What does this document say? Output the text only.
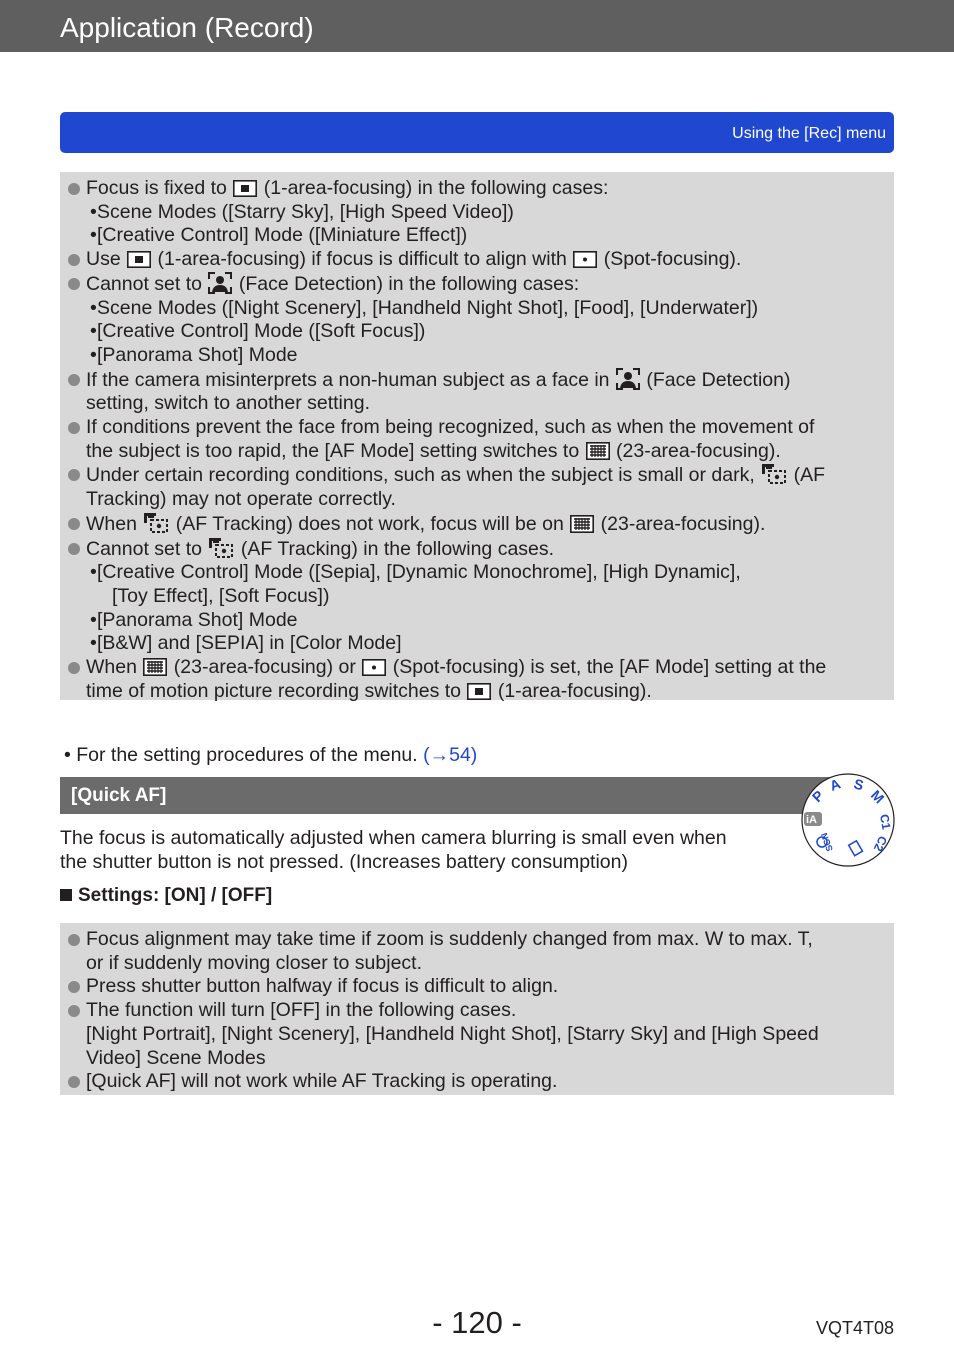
Application (Record)
Using the [Rec] menu
Focus is fixed to (1-area-focusing) in the following cases:
• Scene Modes ([Starry Sky], [High Speed Video])
• [Creative Control] Mode ([Miniature Effect])
Use (1-area-focusing) if focus is difficult to align with (Spot-focusing).
Cannot set to (Face Detection) in the following cases:
• Scene Modes ([Night Scenery], [Handheld Night Shot], [Food], [Underwater])
• [Creative Control] Mode ([Soft Focus])
• [Panorama Shot] Mode
If the camera misinterprets a non-human subject as a face in (Face Detection)
setting, switch to another setting.
If conditions prevent the face from being recognized, such as when the movement of
the subject is too rapid, the [AF Mode] setting switches to (23-area-focusing).
Under certain recording conditions, such as when the subject is small or dark, (AF
Tracking) may not operate correctly.
When (AF Tracking) does not work, focus will be on (23-area-focusing).
Cannot set to (AF Tracking) in the following cases.
• [Creative Control] Mode ([Sepia], [Dynamic Monochrome], [High Dynamic],
[Toy Effect], [Soft Focus])
• [Panorama Shot] Mode
• [B&W] and [SEPIA] in [Color Mode]
When (23-area-focusing) or (Spot-focusing) is set, the [AF Mode] setting at the
time of motion picture recording switches to (1-area-focusing).
• For the setting procedures of the menu. (→54)
[Quick AF]	P
A S
M
C1
C2
SCN
iA
The focus is automatically adjusted when camera blurring is small even when
the shutter button is not pressed. (Increases battery consumption)
Settings: [ON] / [OFF]
Focus alignment may take time if zoom is suddenly changed from max. W to max. T,
or if suddenly moving closer to subject.
Press shutter button halfway if focus is difficult to align.
The function will turn [OFF] in the following cases.
[Night Portrait], [Night Scenery], [Handheld Night Shot], [Starry Sky] and [High Speed
Video] Scene Modes
[Quick AF] will not work while AF Tracking is operating.
- 120 -	VQT4T08
